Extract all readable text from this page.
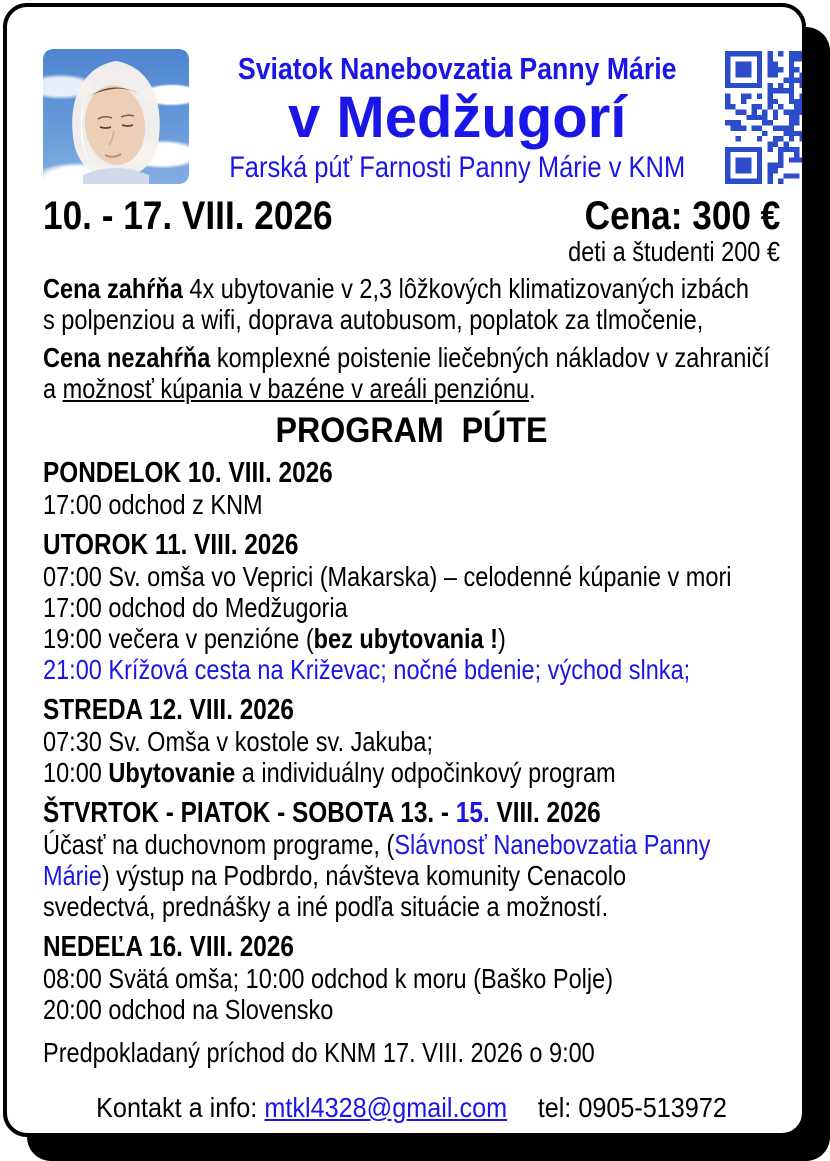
Sviatok Nanebovzatia Panny Márie
v Medžugorí
Farská púť Farnosti Panny Márie v KNM
10. - 17. VIII. 2026	Cena: 300 €
deti a študenti 200 €
Cena zahŕňa 4x ubytovanie v 2,3 lôžkových klimatizovaných izbách
s polpenziou a wifi, doprava autobusom, poplatok za tlmočenie,
Cena nezahŕňa komplexné poistenie liečebných nákladov v zahraničí
a možnosť kúpania v bazéne v areáli penziónu.
PROGRAM  PÚTE
PONDELOK 10. VIII. 2026
17:00 odchod z KNM
UTOROK 11. VIII. 2026
07:00 Sv. omša vo Veprici (Makarska) – celodenné kúpanie v mori
17:00 odchod do Medžugoria
19:00 večera v penzióne (bez ubytovania !)
21:00 Krížová cesta na Križevac; nočné bdenie; východ slnka;
STREDA 12. VIII. 2026
07:30 Sv. Omša v kostole sv. Jakuba;
10:00 Ubytovanie a individuálny odpočinkový program
ŠTVRTOK - PIATOK - SOBOTA 13. - 15. VIII. 2026
Účasť na duchovnom programe, (Slávnosť Nanebovzatia Panny
Márie) výstup na Podbrdo, návšteva komunity Cenacolo
svedectvá, prednášky a iné podľa situácie a možností.
NEDEĽA 16. VIII. 2026
08:00 Svätá omša; 10:00 odchod k moru (Baško Polje)
20:00 odchod na Slovensko

Predpokladaný príchod do KNM 17. VIII. 2026 o 9:00

Kontakt a info: mtkl4328@gmail.com tel: 0905-513972
